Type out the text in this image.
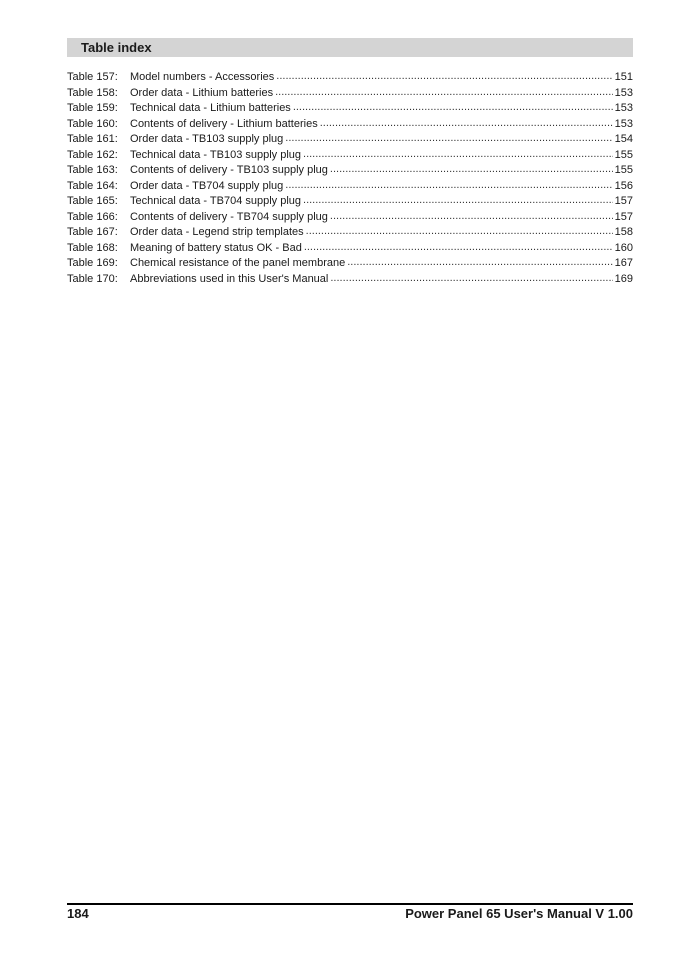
Table index
Table 157:	Model numbers - Accessories .....	151
Table 158:	Order data - Lithium batteries .....	153
Table 159:	Technical data - Lithium batteries .....	153
Table 160:	Contents of delivery - Lithium batteries .....	153
Table 161:	Order data - TB103 supply plug .....	154
Table 162:	Technical data - TB103 supply plug .....	155
Table 163:	Contents of delivery - TB103 supply plug .....	155
Table 164:	Order data - TB704 supply plug .....	156
Table 165:	Technical data - TB704 supply plug .....	157
Table 166:	Contents of delivery - TB704 supply plug .....	157
Table 167:	Order data - Legend strip templates .....	158
Table 168:	Meaning of battery status OK - Bad .....	160
Table 169:	Chemical resistance of the panel membrane .....	167
Table 170:	Abbreviations used in this User's Manual .....	169
184	Power Panel 65 User's Manual V 1.00
